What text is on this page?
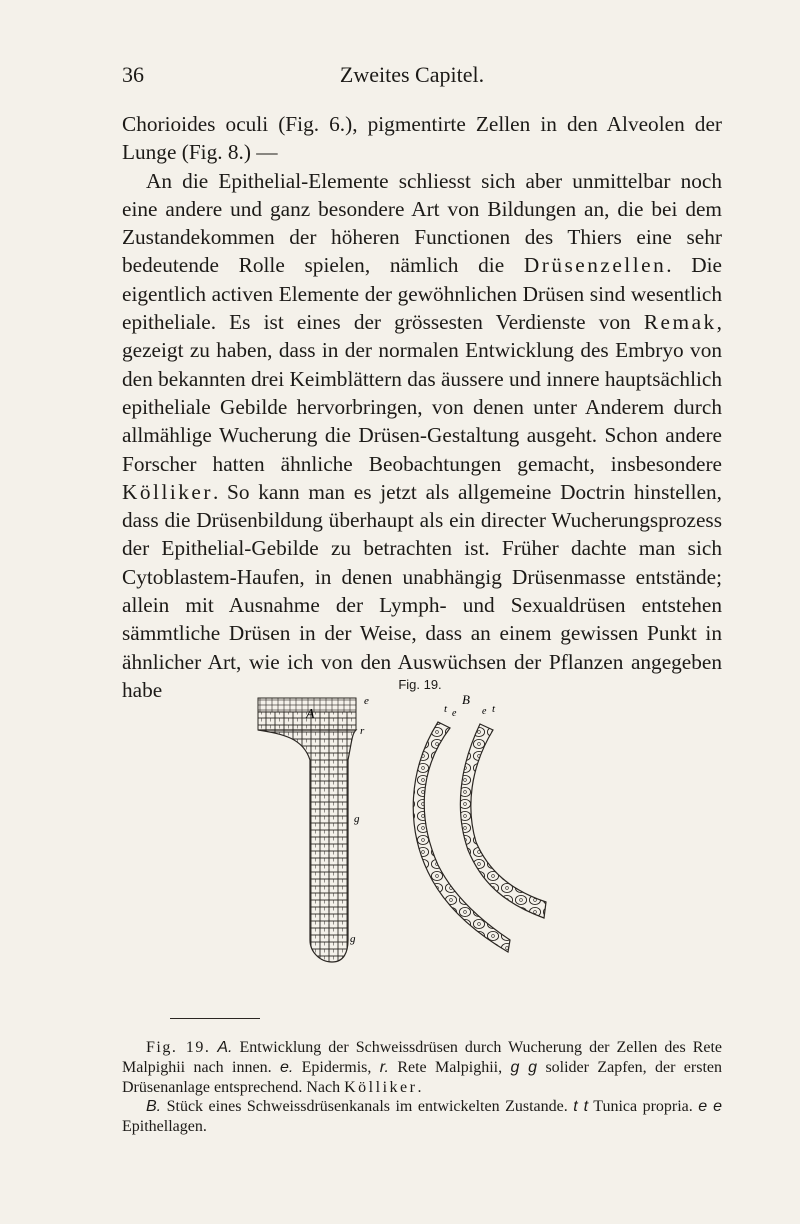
36	Zweites Capitel.

Chorioides oculi (Fig. 6.), pigmentirte Zellen in den Alveolen der Lunge (Fig. 8.) —

An die Epithelial-Elemente schliesst sich aber unmittelbar noch eine andere und ganz besondere Art von Bildungen an, die bei dem Zustandekommen der höheren Functionen des Thiers eine sehr bedeutende Rolle spielen, nämlich die Drüsenzellen. Die eigentlich activen Elemente der gewöhnlichen Drüsen sind wesentlich epitheliale. Es ist eines der grössesten Verdienste von Remak, gezeigt zu haben, dass in der normalen Entwicklung des Embryo von den bekannten drei Keimblättern das äussere und innere hauptsächlich epitheliale Gebilde hervorbringen, von denen unter Anderem durch allmählige Wucherung die Drüsen-Gestaltung ausgeht. Schon andere Forscher hatten ähnliche Beobachtungen gemacht, insbesondere Kölliker. So kann man es jetzt als allgemeine Doctrin hinstellen, dass die Drüsenbildung überhaupt als ein directer Wucherungsprozess der Epithelial-Gebilde zu betrachten ist. Früher dachte man sich Cytoblastem-Haufen, in denen unabhängig Drüsenmasse entstände; allein mit Ausnahme der Lymph- und Sexualdrüsen entstehen sämmtliche Drüsen in der Weise, dass an einem gewissen Punkt in ähnlicher Art, wie ich von den Auswüchsen der Pflanzen angegeben habe	Fig. 19.
A
e
r
g
g
t e
B
e t

Fig. 19. A. Entwicklung der Schweissdrüsen durch Wucherung der Zellen des Rete Malpighii nach innen. e. Epidermis, r. Rete Malpighii, g g solider Zapfen, der ersten Drüsenanlage entsprechend. Nach Kölliker.

B. Stück eines Schweissdrüsenkanals im entwickelten Zustande. t t Tunica propria. e e Epithellagen.
